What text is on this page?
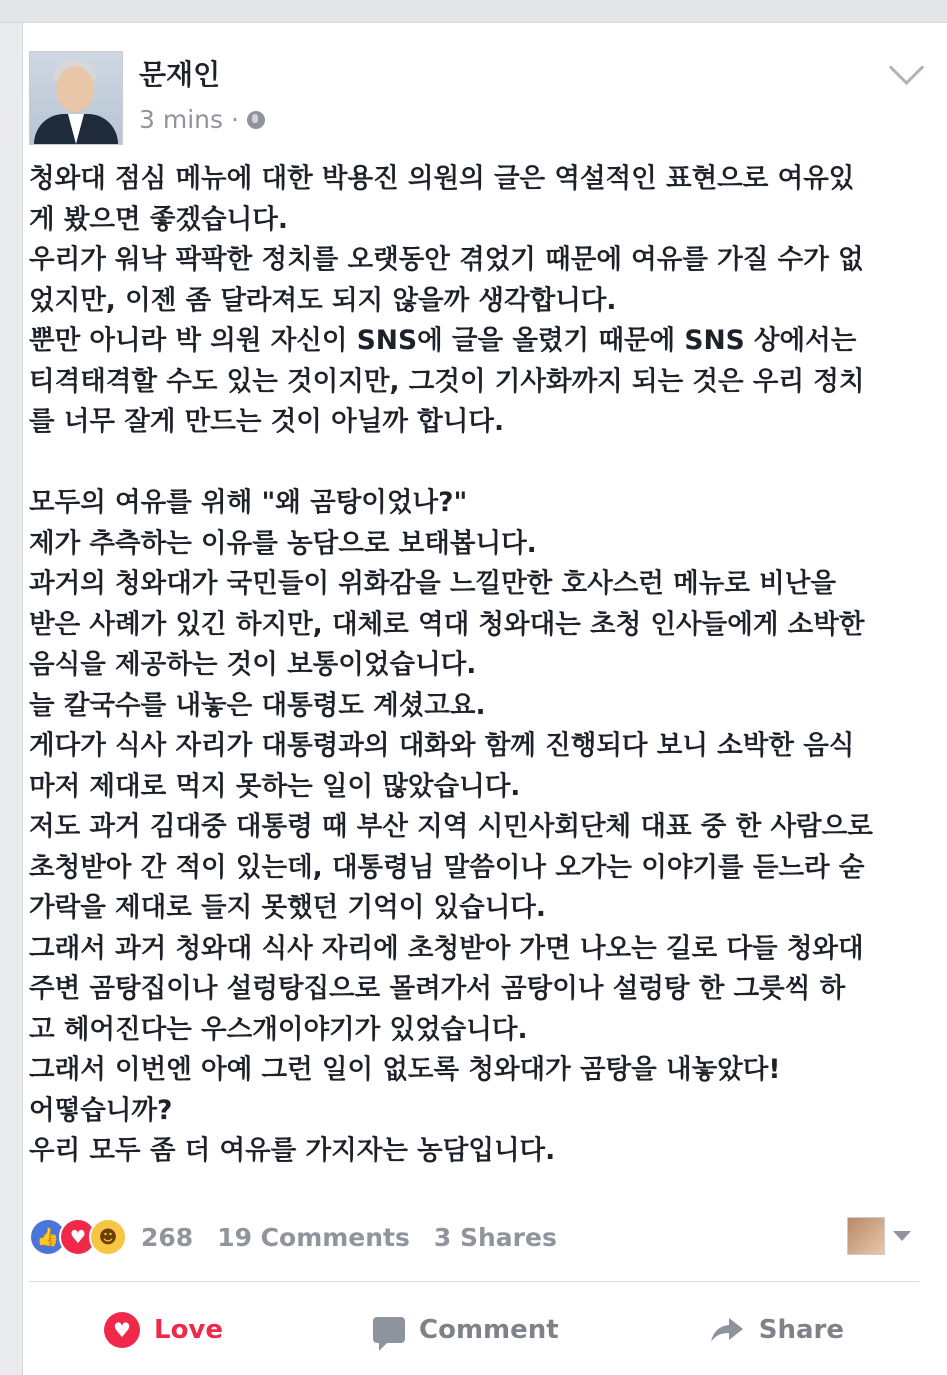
문재인
3 mins ·
청와대 점심 메뉴에 대한 박용진 의원의 글은 역설적인 표현으로 여유있
게 봤으면 좋겠습니다.
우리가 워낙 팍팍한 정치를 오랫동안 겪었기 때문에 여유를 가질 수가 없
었지만, 이젠 좀 달라져도 되지 않을까 생각합니다.
뿐만 아니라 박 의원 자신이 SNS에 글을 올렸기 때문에 SNS 상에서는
티격태격할 수도 있는 것이지만, 그것이 기사화까지 되는 것은 우리 정치
를 너무 잘게 만드는 것이 아닐까 합니다.
모두의 여유를 위해 "왜 곰탕이었나?"
제가 추측하는 이유를 농담으로 보태봅니다.
과거의 청와대가 국민들이 위화감을 느낄만한 호사스런 메뉴로 비난을
받은 사례가 있긴 하지만, 대체로 역대 청와대는 초청 인사들에게 소박한
음식을 제공하는 것이 보통이었습니다.
늘 칼국수를 내놓은 대통령도 계셨고요.
게다가 식사 자리가 대통령과의 대화와 함께 진행되다 보니 소박한 음식
마저 제대로 먹지 못하는 일이 많았습니다.
저도 과거 김대중 대통령 때 부산 지역 시민사회단체 대표 중 한 사람으로
초청받아 간 적이 있는데, 대통령님 말씀이나 오가는 이야기를 듣느라 숟
가락을 제대로 들지 못했던 기억이 있습니다.
그래서 과거 청와대 식사 자리에 초청받아 가면 나오는 길로 다들 청와대
주변 곰탕집이나 설렁탕집으로 몰려가서 곰탕이나 설렁탕 한 그릇씩 하
고 헤어진다는 우스개이야기가 있었습니다.
그래서 이번엔 아예 그런 일이 없도록 청와대가 곰탕을 내놓았다!
어떻습니까?
우리 모두 좀 더 여유를 가지자는 농담입니다.
👍 ♥ ☻ 268 19 Comments 3 Shares
♥ Love	Comment	Share
